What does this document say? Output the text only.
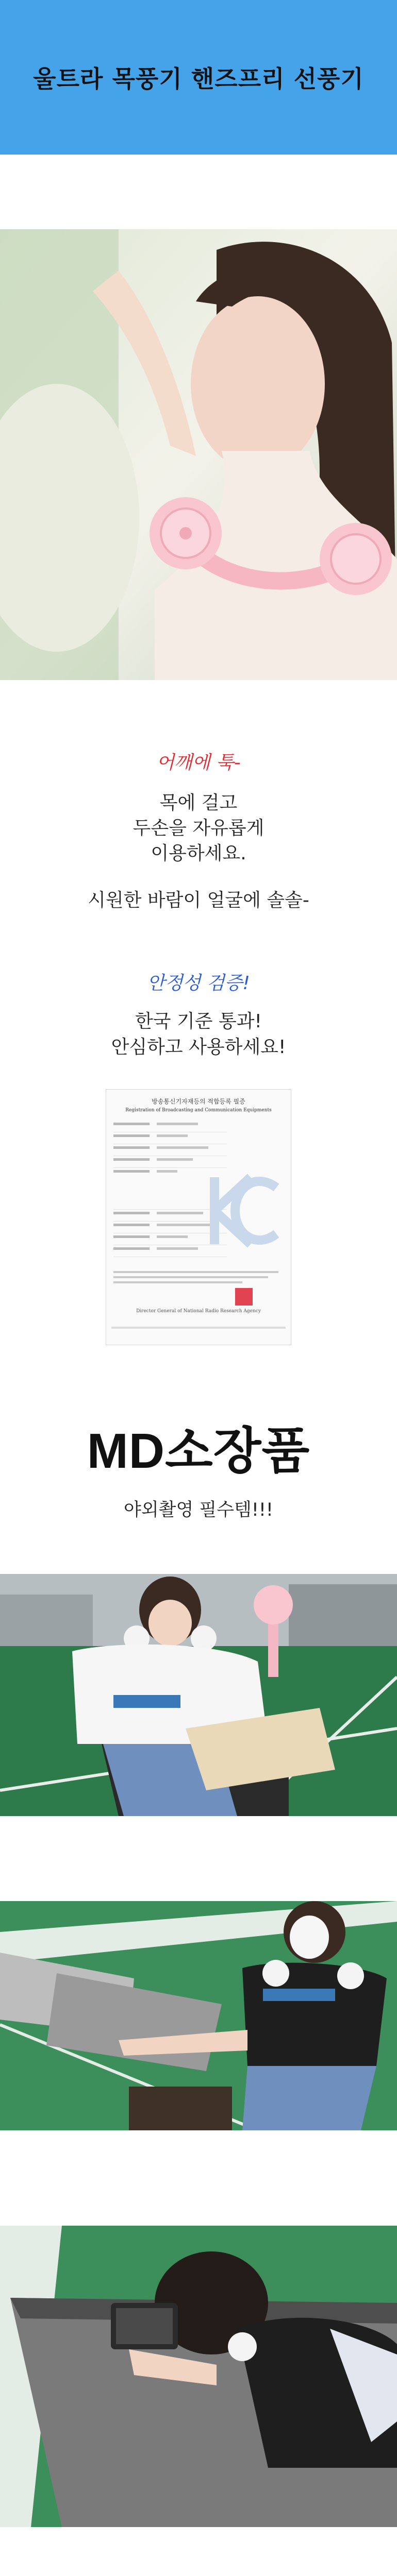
울트라 목풍기 핸즈프리 선풍기
어깨에 툭-
목에 걸고
두손을 자유롭게
이용하세요.
시원한 바람이 얼굴에 솔솔-
안정성 검증!
한국 기준 통과!
안심하고 사용하세요!
방송통신기자재등의 적합등록 필증
Registration of Broadcasting and Communication Equipments
Director General of National Radio Research Agency
MD소장품
야외촬영 필수템!!!
